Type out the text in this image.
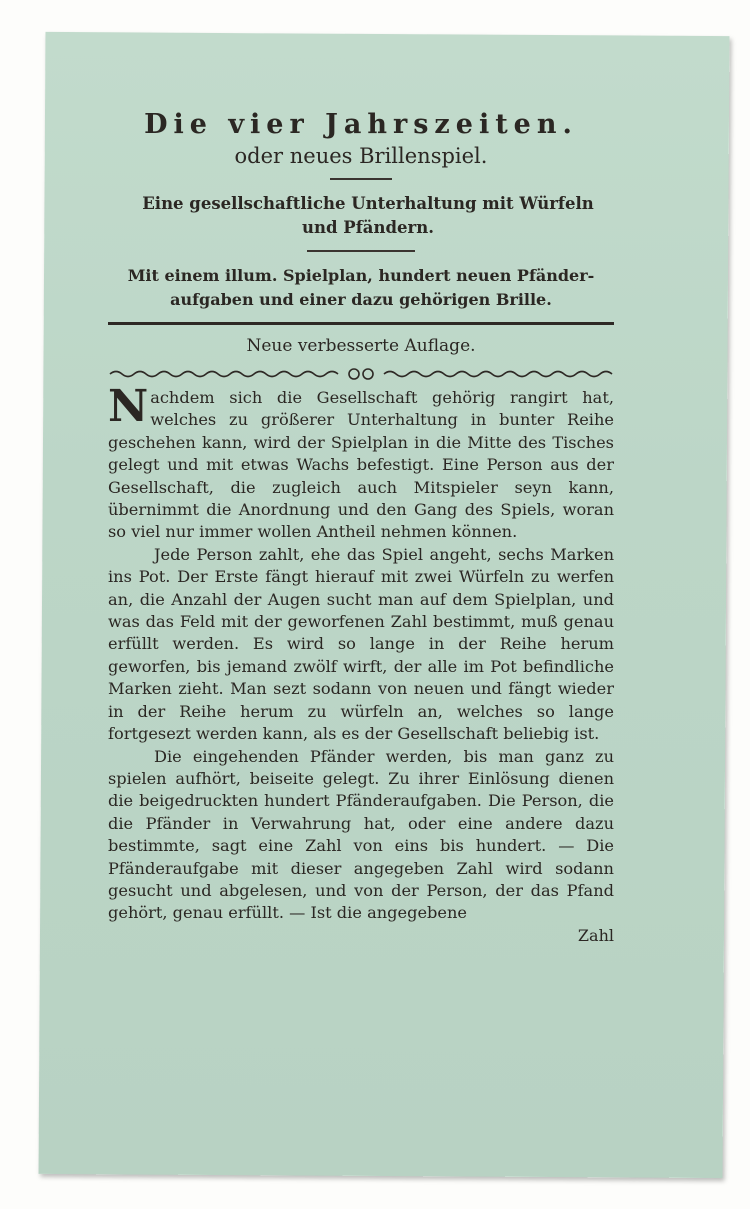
Die vier Jahrszeiten.

oder neues Brillenspiel.

Eine gesellschaftliche Unterhaltung mit Würfeln und Pfändern.

Mit einem illum. Spielplan, hundert neuen Pfänder-aufgaben und einer dazu gehörigen Brille.

Neue verbesserte Auflage.

Nachdem sich die Gesellschaft gehörig rangirt hat, welches zu größerer Unterhaltung in bunter Reihe geschehen kann, wird der Spielplan in die Mitte des Tisches gelegt und mit etwas Wachs befestigt. Eine Person aus der Gesellschaft, die zugleich auch Mitspieler seyn kann, übernimmt die Anordnung und den Gang des Spiels, woran so viel nur immer wollen Antheil nehmen können.

Jede Person zahlt, ehe das Spiel angeht, sechs Marken ins Pot. Der Erste fängt hierauf mit zwei Würfeln zu werfen an, die Anzahl der Augen sucht man auf dem Spielplan, und was das Feld mit der geworfenen Zahl bestimmt, muß genau erfüllt werden. Es wird so lange in der Reihe herum geworfen, bis jemand zwölf wirft, der alle im Pot befindliche Marken zieht. Man sezt sodann von neuen und fängt wieder in der Reihe herum zu würfeln an, welches so lange fortgesezt werden kann, als es der Gesellschaft beliebig ist.

Die eingehenden Pfänder werden, bis man ganz zu spielen aufhört, beiseite gelegt. Zu ihrer Einlösung dienen die beigedruckten hundert Pfänderaufgaben. Die Person, die die Pfänder in Verwahrung hat, oder eine andere dazu bestimmte, sagt eine Zahl von eins bis hundert. — Die Pfänderaufgabe mit dieser angegeben Zahl wird sodann gesucht und abgelesen, und von der Person, der das Pfand gehört, genau erfüllt. — Ist die angegebene

Zahl
